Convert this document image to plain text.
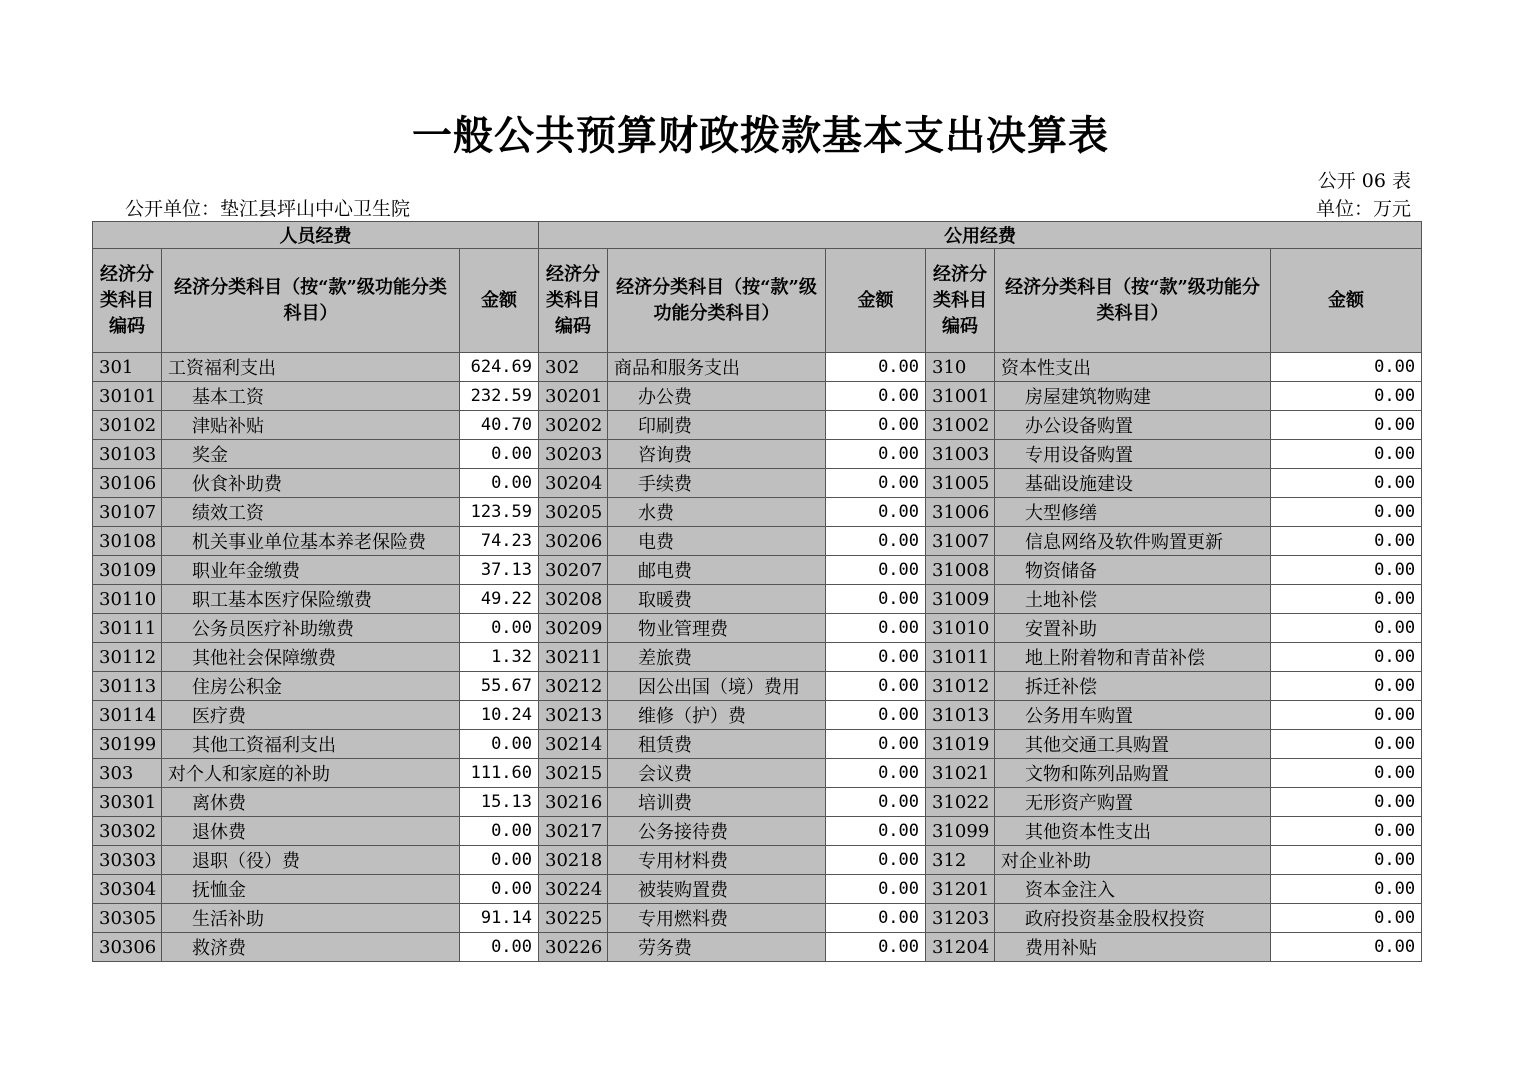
一般公共预算财政拨款基本支出决算表
公开 06 表
公开单位：垫江县坪山中心卫生院	单位：万元
人员经费			公用经费					
经济分类科目编码	经济分类科目（按“款”级功能分类科目）	金额	经济分类科目编码	经济分类科目（按“款”级功能分类科目）	金额	经济分类科目编码	经济分类科目（按“款”级功能分类科目）	金额
301	工资福利支出	624.69	302	商品和服务支出	0.00	310	资本性支出	0.00
30101	基本工资	232.59	30201	办公费	0.00	31001	房屋建筑物购建	0.00
30102	津贴补贴	40.70	30202	印刷费	0.00	31002	办公设备购置	0.00
30103	奖金	0.00	30203	咨询费	0.00	31003	专用设备购置	0.00
30106	伙食补助费	0.00	30204	手续费	0.00	31005	基础设施建设	0.00
30107	绩效工资	123.59	30205	水费	0.00	31006	大型修缮	0.00
30108	机关事业单位基本养老保险费	74.23	30206	电费	0.00	31007	信息网络及软件购置更新	0.00
30109	职业年金缴费	37.13	30207	邮电费	0.00	31008	物资储备	0.00
30110	职工基本医疗保险缴费	49.22	30208	取暖费	0.00	31009	土地补偿	0.00
30111	公务员医疗补助缴费	0.00	30209	物业管理费	0.00	31010	安置补助	0.00
30112	其他社会保障缴费	1.32	30211	差旅费	0.00	31011	地上附着物和青苗补偿	0.00
30113	住房公积金	55.67	30212	因公出国（境）费用	0.00	31012	拆迁补偿	0.00
30114	医疗费	10.24	30213	维修（护）费	0.00	31013	公务用车购置	0.00
30199	其他工资福利支出	0.00	30214	租赁费	0.00	31019	其他交通工具购置	0.00
303	对个人和家庭的补助	111.60	30215	会议费	0.00	31021	文物和陈列品购置	0.00
30301	离休费	15.13	30216	培训费	0.00	31022	无形资产购置	0.00
30302	退休费	0.00	30217	公务接待费	0.00	31099	其他资本性支出	0.00
30303	退职（役）费	0.00	30218	专用材料费	0.00	312	对企业补助	0.00
30304	抚恤金	0.00	30224	被装购置费	0.00	31201	资本金注入	0.00
30305	生活补助	91.14	30225	专用燃料费	0.00	31203	政府投资基金股权投资	0.00
30306	救济费	0.00	30226	劳务费	0.00	31204	费用补贴	0.00
